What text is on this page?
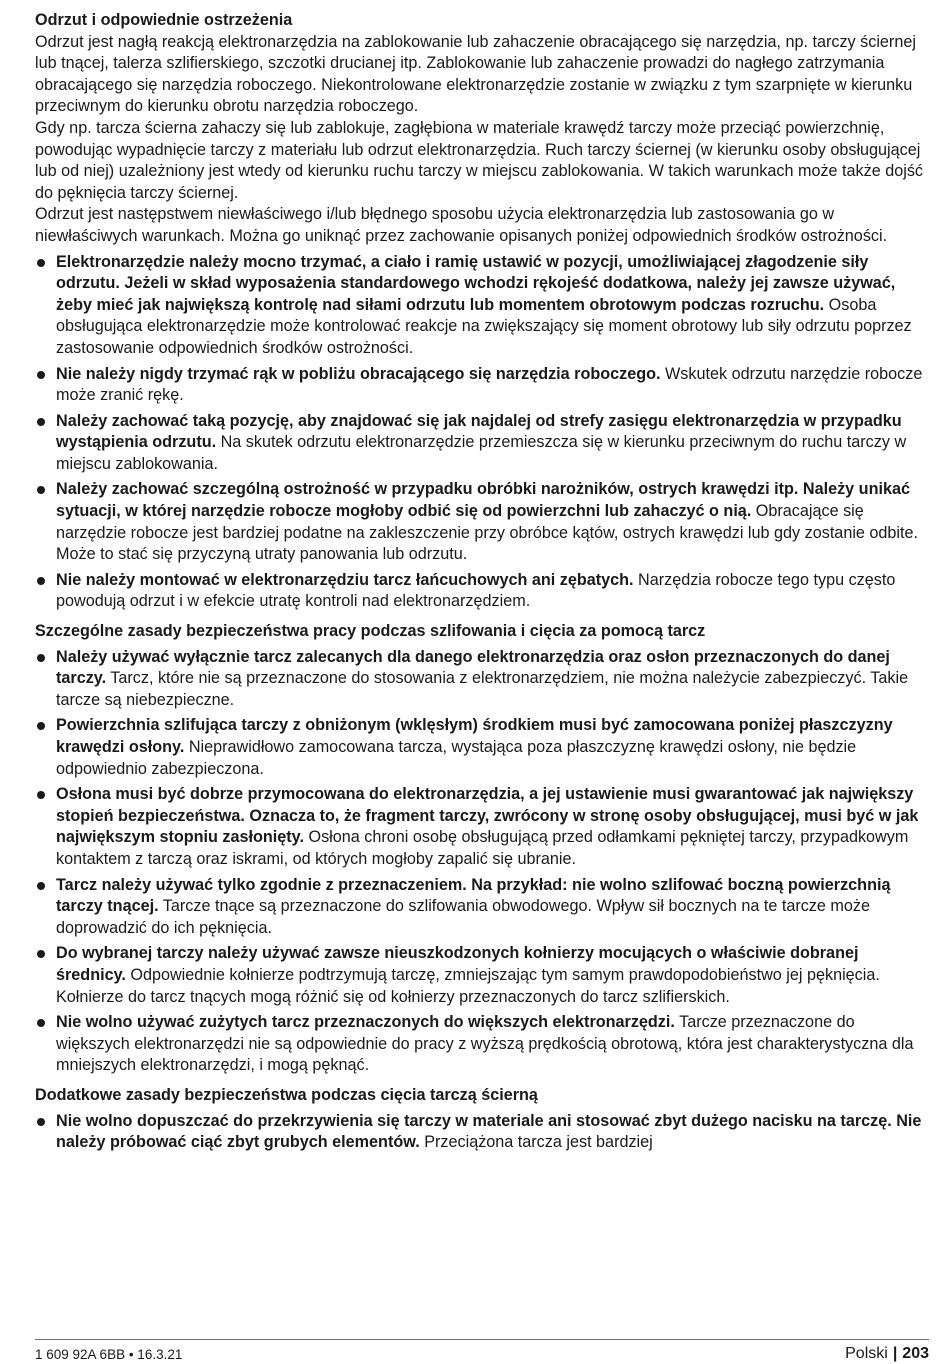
Odrzut i odpowiednie ostrzeżenia

Odrzut jest nagłą reakcją elektronarzędzia na zablokowanie lub zahaczenie obracającego się narzędzia, np. tarczy ściernej lub tnącej, talerza szlifierskiego, szczotki drucianej itp. Zablokowanie lub zahaczenie prowadzi do nagłego zatrzymania obracającego się narzędzia roboczego. Niekontrolowane elektronarzędzie zostanie w związku z tym szarpnięte w kierunku przeciwnym do kierunku obrotu narzędzia roboczego.

Gdy np. tarcza ścierna zahaczy się lub zablokuje, zagłębiona w materiale krawędź tarczy może przeciąć powierzchnię, powodując wypadnięcie tarczy z materiału lub odrzut elektronarzędzia. Ruch tarczy ściernej (w kierunku osoby obsługującej lub od niej) uzależniony jest wtedy od kierunku ruchu tarczy w miejscu zablokowania. W takich warunkach może także dojść do pęknięcia tarczy ściernej.

Odrzut jest następstwem niewłaściwego i/lub błędnego sposobu użycia elektronarzędzia lub zastosowania go w niewłaściwych warunkach. Można go uniknąć przez zachowanie opisanych poniżej odpowiednich środków ostrożności.

Elektronarzędzie należy mocno trzymać, a ciało i ramię ustawić w pozycji, umożliwiającej złagodzenie siły odrzutu. Jeżeli w skład wyposażenia standardowego wchodzi rękojeść dodatkowa, należy jej zawsze używać, żeby mieć jak największą kontrolę nad siłami odrzutu lub momentem obrotowym podczas rozruchu. Osoba obsługująca elektronarzędzie może kontrolować reakcje na zwiększający się moment obrotowy lub siły odrzutu poprzez zastosowanie odpowiednich środków ostrożności.
Nie należy nigdy trzymać rąk w pobliżu obracającego się narzędzia roboczego. Wskutek odrzutu narzędzie robocze może zranić rękę.
Należy zachować taką pozycję, aby znajdować się jak najdalej od strefy zasięgu elektronarzędzia w przypadku wystąpienia odrzutu. Na skutek odrzutu elektronarzędzie przemieszcza się w kierunku przeciwnym do ruchu tarczy w miejscu zablokowania.
Należy zachować szczególną ostrożność w przypadku obróbki narożników, ostrych krawędzi itp. Należy unikać sytuacji, w której narzędzie robocze mogłoby odbić się od powierzchni lub zahaczyć o nią. Obracające się narzędzie robocze jest bardziej podatne na zakleszczenie przy obróbce kątów, ostrych krawędzi lub gdy zostanie odbite. Może to stać się przyczyną utraty panowania lub odrzutu.
Nie należy montować w elektronarzędziu tarcz łańcuchowych ani zębatych. Narzędzia robocze tego typu często powodują odrzut i w efekcie utratę kontroli nad elektronarzędziem.

Szczególne zasady bezpieczeństwa pracy podczas szlifowania i cięcia za pomocą tarcz

Należy używać wyłącznie tarcz zalecanych dla danego elektronarzędzia oraz osłon przeznaczonych do danej tarczy. Tarcz, które nie są przeznaczone do stosowania z elektronarzędziem, nie można należycie zabezpieczyć. Takie tarcze są niebezpieczne.
Powierzchnia szlifująca tarczy z obniżonym (wklęsłym) środkiem musi być zamocowana poniżej płaszczyzny krawędzi osłony. Nieprawidłowo zamocowana tarcza, wystająca poza płaszczyznę krawędzi osłony, nie będzie odpowiednio zabezpieczona.
Osłona musi być dobrze przymocowana do elektronarzędzia, a jej ustawienie musi gwarantować jak największy stopień bezpieczeństwa. Oznacza to, że fragment tarczy, zwrócony w stronę osoby obsługującej, musi być w jak największym stopniu zasłonięty. Osłona chroni osobę obsługującą przed odłamkami pękniętej tarczy, przypadkowym kontaktem z tarczą oraz iskrami, od których mogłoby zapalić się ubranie.
Tarcz należy używać tylko zgodnie z przeznaczeniem. Na przykład: nie wolno szlifować boczną powierzchnią tarczy tnącej. Tarcze tnące są przeznaczone do szlifowania obwodowego. Wpływ sił bocznych na te tarcze może doprowadzić do ich pęknięcia.
Do wybranej tarczy należy używać zawsze nieuszkodzonych kołnierzy mocujących o właściwie dobranej średnicy. Odpowiednie kołnierze podtrzymują tarczę, zmniejszając tym samym prawdopodobieństwo jej pęknięcia. Kołnierze do tarcz tnących mogą różnić się od kołnierzy przeznaczonych do tarcz szlifierskich.
Nie wolno używać zużytych tarcz przeznaczonych do większych elektronarzędzi. Tarcze przeznaczone do większych elektronarzędzi nie są odpowiednie do pracy z wyższą prędkością obrotową, która jest charakterystyczna dla mniejszych elektronarzędzi, i mogą pęknąć.

Dodatkowe zasady bezpieczeństwa podczas cięcia tarczą ścierną

Nie wolno dopuszczać do przekrzywienia się tarczy w materiale ani stosować zbyt dużego nacisku na tarczę. Nie należy próbować ciąć zbyt grubych elementów. Przeciążona tarcza jest bardziej
1 609 92A 6BB • 16.3.21	Polski | 203
